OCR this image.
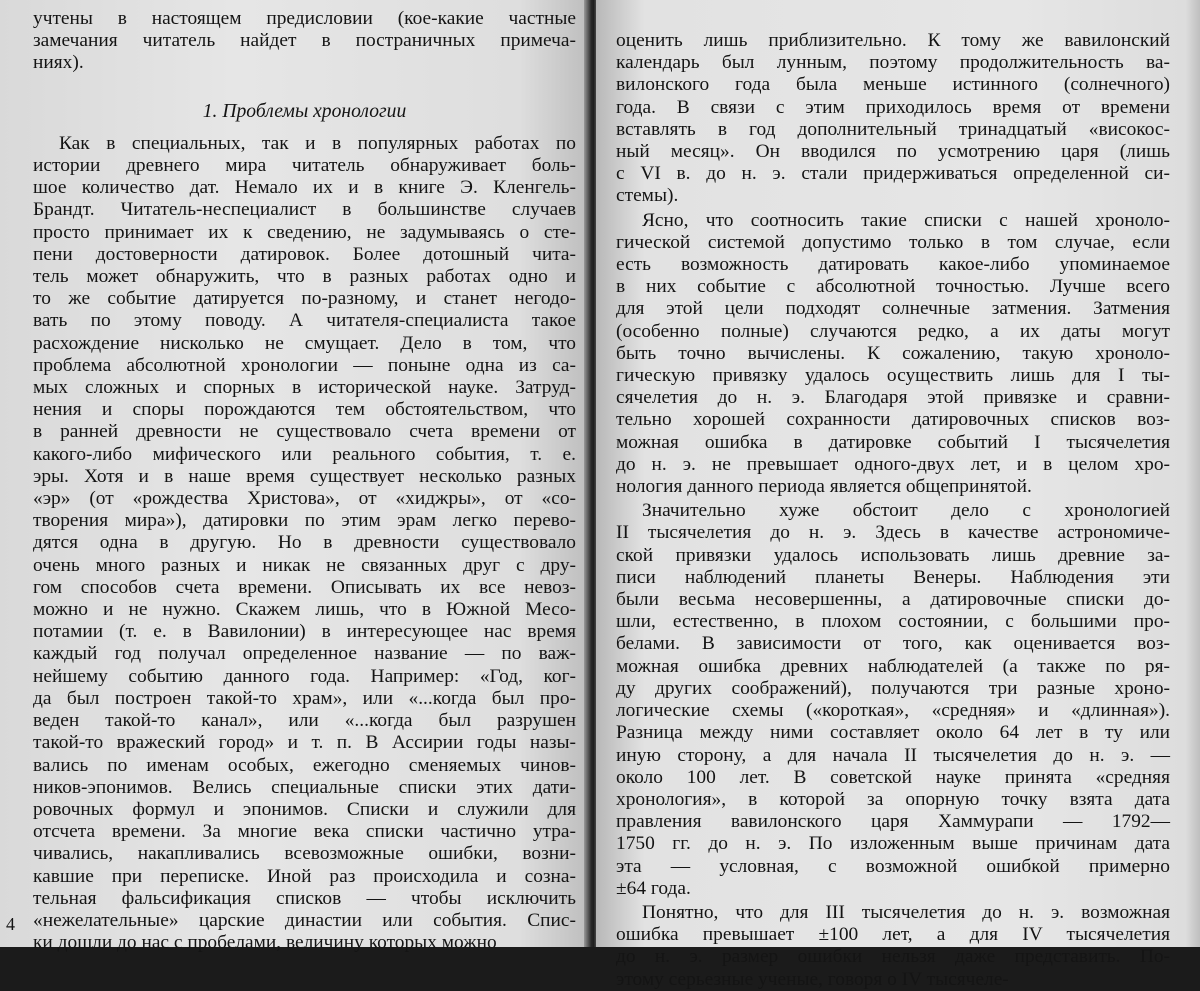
учтены в настоящем предисловии (кое-какие частные
замечания читатель найдет в постраничных примеча-
ниях).
1. Проблемы хронологии
Как в специальных, так и в популярных работах по
истории древнего мира читатель обнаруживает боль-
шое количество дат. Немало их и в книге Э. Кленгель-
Брандт. Читатель-неспециалист в большинстве случаев
просто принимает их к сведению, не задумываясь о сте-
пени достоверности датировок. Более дотошный чита-
тель может обнаружить, что в разных работах одно и
то же событие датируется по-разному, и станет негодо-
вать по этому поводу. А читателя-специалиста такое
расхождение нисколько не смущает. Дело в том, что
проблема абсолютной хронологии — поныне одна из са-
мых сложных и спорных в исторической науке. Затруд-
нения и споры порождаются тем обстоятельством, что
в ранней древности не существовало счета времени от
какого-либо мифического или реального события, т. е.
эры. Хотя и в наше время существует несколько разных
«эр» (от «рождества Христова», от «хиджры», от «со-
творения мира»), датировки по этим эрам легко перево-
дятся одна в другую. Но в древности существовало
очень много разных и никак не связанных друг с дру-
гом способов счета времени. Описывать их все невоз-
можно и не нужно. Скажем лишь, что в Южной Месо-
потамии (т. е. в Вавилонии) в интересующее нас время
каждый год получал определенное название — по важ-
нейшему событию данного года. Например: «Год, ког-
да был построен такой-то храм», или «...когда был про-
веден такой-то канал», или «...когда был разрушен
такой-то вражеский город» и т. п. В Ассирии годы назы-
вались по именам особых, ежегодно сменяемых чинов-
ников-эпонимов. Велись специальные списки этих дати-
ровочных формул и эпонимов. Списки и служили для
отсчета времени. За многие века списки частично утра-
чивались, накапливались всевозможные ошибки, возни-
кавшие при переписке. Иной раз происходила и созна-
тельная фальсификация списков — чтобы исключить
«нежелательные» царские династии или события. Спис-
ки дошли до нас с пробелами, величину которых можно
4
оценить лишь приблизительно. К тому же вавилонский
календарь был лунным, поэтому продолжительность ва-
вилонского года была меньше истинного (солнечного)
года. В связи с этим приходилось время от времени
вставлять в год дополнительный тринадцатый «високос-
ный месяц». Он вводился по усмотрению царя (лишь
с VI в. до н. э. стали придерживаться определенной си-
стемы).
Ясно, что соотносить такие списки с нашей хроноло-
гической системой допустимо только в том случае, если
есть возможность датировать какое-либо упоминаемое
в них событие с абсолютной точностью. Лучше всего
для этой цели подходят солнечные затмения. Затмения
(особенно полные) случаются редко, а их даты могут
быть точно вычислены. К сожалению, такую хроноло-
гическую привязку удалось осуществить лишь для I ты-
сячелетия до н. э. Благодаря этой привязке и сравни-
тельно хорошей сохранности датировочных списков воз-
можная ошибка в датировке событий I тысячелетия
до н. э. не превышает одного-двух лет, и в целом хро-
нология данного периода является общепринятой.
Значительно хуже обстоит дело с хронологией
II тысячелетия до н. э. Здесь в качестве астрономиче-
ской привязки удалось использовать лишь древние за-
писи наблюдений планеты Венеры. Наблюдения эти
были весьма несовершенны, а датировочные списки до-
шли, естественно, в плохом состоянии, с большими про-
белами. В зависимости от того, как оценивается воз-
можная ошибка древних наблюдателей (а также по ря-
ду других соображений), получаются три разные хроно-
логические схемы («короткая», «средняя» и «длинная»).
Разница между ними составляет около 64 лет в ту или
иную сторону, а для начала II тысячелетия до н. э. —
около 100 лет. В советской науке принята «средняя
хронология», в которой за опорную точку взята дата
правления вавилонского царя Хаммурапи — 1792—
1750 гг. до н. э. По изложенным выше причинам дата
эта — условная, с возможной ошибкой примерно
±64 года.
Понятно, что для III тысячелетия до н. э. возможная
ошибка превышает ±100 лет, а для IV тысячелетия
до н. э. размер ошибки нельзя даже представить. По-
этому серьезные ученые, говоря о IV тысячеле-
